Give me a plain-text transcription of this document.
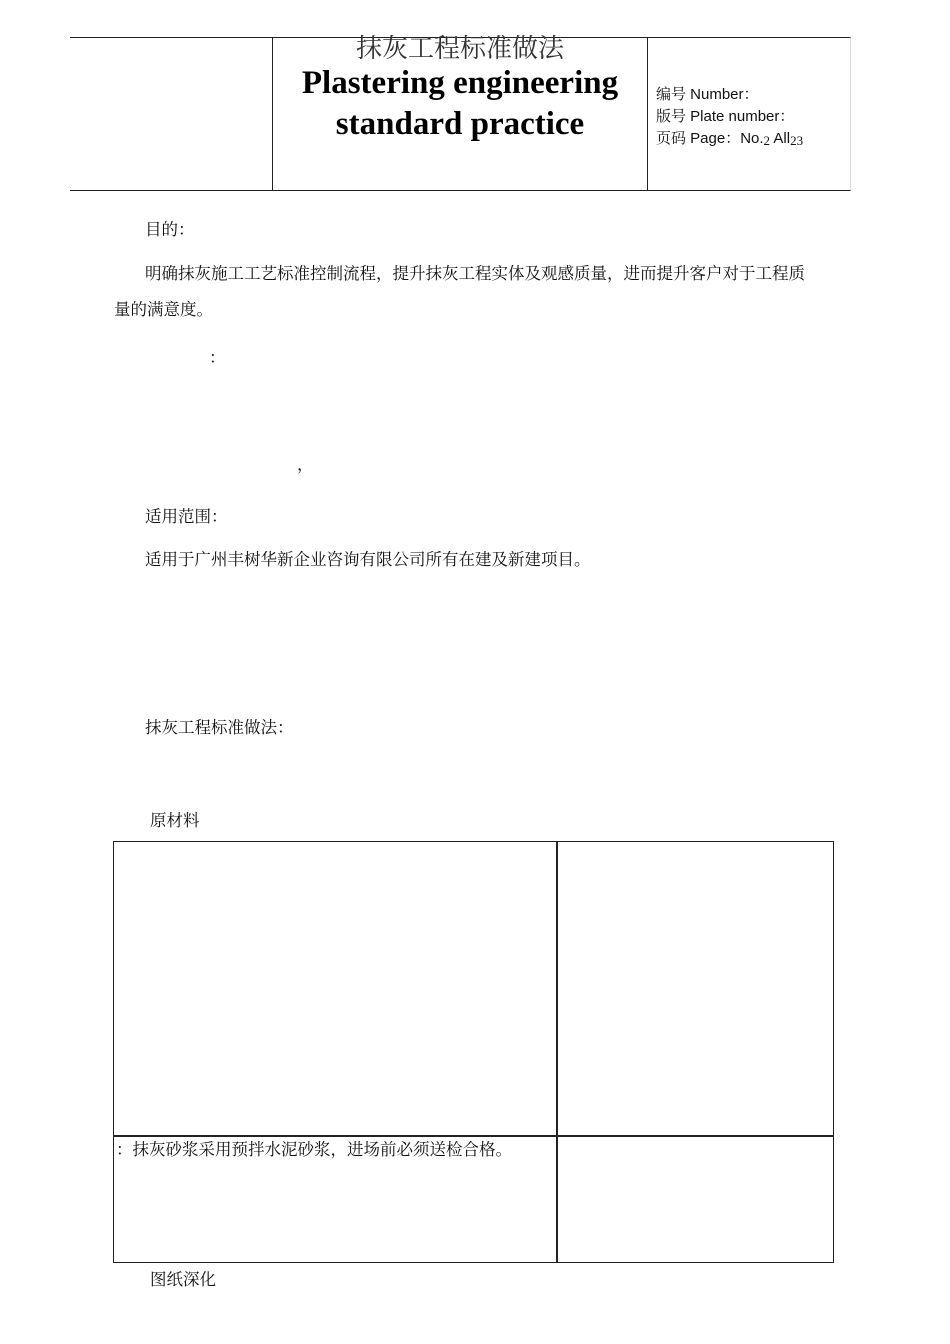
抹灰工程标准做法
Plastering engineering
standard practice
编号 Number：
版号 Plate number：
页码 Page：No.2 All23
目的：
明确抹灰施工工艺标准控制流程，提升抹灰工程实体及观感质量，进而提升客户对于工程质量的满意度。
：
，
适用范围：
适用于广州丰树华新企业咨询有限公司所有在建及新建项目。
抹灰工程标准做法：
原材料
：抹灰砂浆采用预拌水泥砂浆，进场前必须送检合格。
图纸深化
